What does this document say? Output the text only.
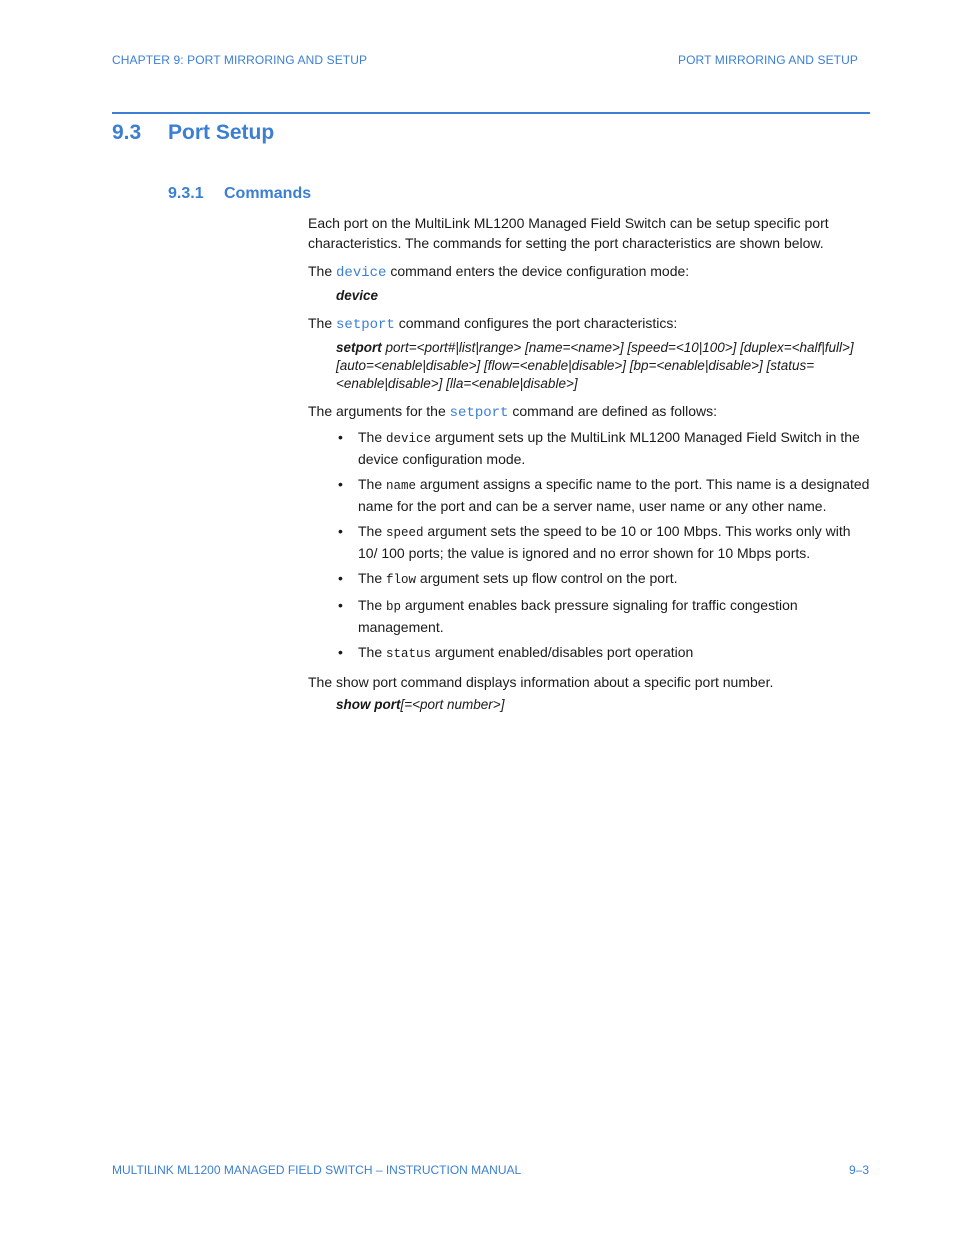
CHAPTER 9: PORT MIRRORING AND SETUP	PORT MIRRORING AND SETUP
9.3 Port Setup
9.3.1 Commands

Each port on the MultiLink ML1200 Managed Field Switch can be setup specific port characteristics. The commands for setting the port characteristics are shown below.

The device command enters the device configuration mode:

device

The setport command configures the port characteristics:

setport port=<port#|list|range> [name=<name>] [speed=<10|100>] [duplex=<half|full>] [auto=<enable|disable>] [flow=<enable|disable>] [bp=<enable|disable>] [status=<enable|disable>] [lla=<enable|disable>]

The arguments for the setport command are defined as follows:

• The device argument sets up the MultiLink ML1200 Managed Field Switch in the device configuration mode.
• The name argument assigns a specific name to the port. This name is a designated name for the port and can be a server name, user name or any other name.
• The speed argument sets the speed to be 10 or 100 Mbps. This works only with 10/ 100 ports; the value is ignored and no error shown for 10 Mbps ports.
• The flow argument sets up flow control on the port.
• The bp argument enables back pressure signaling for traffic congestion management.
• The status argument enabled/disables port operation

The show port command displays information about a specific port number.

show port[=<port number>]
MULTILINK ML1200 MANAGED FIELD SWITCH – INSTRUCTION MANUAL	9–3
